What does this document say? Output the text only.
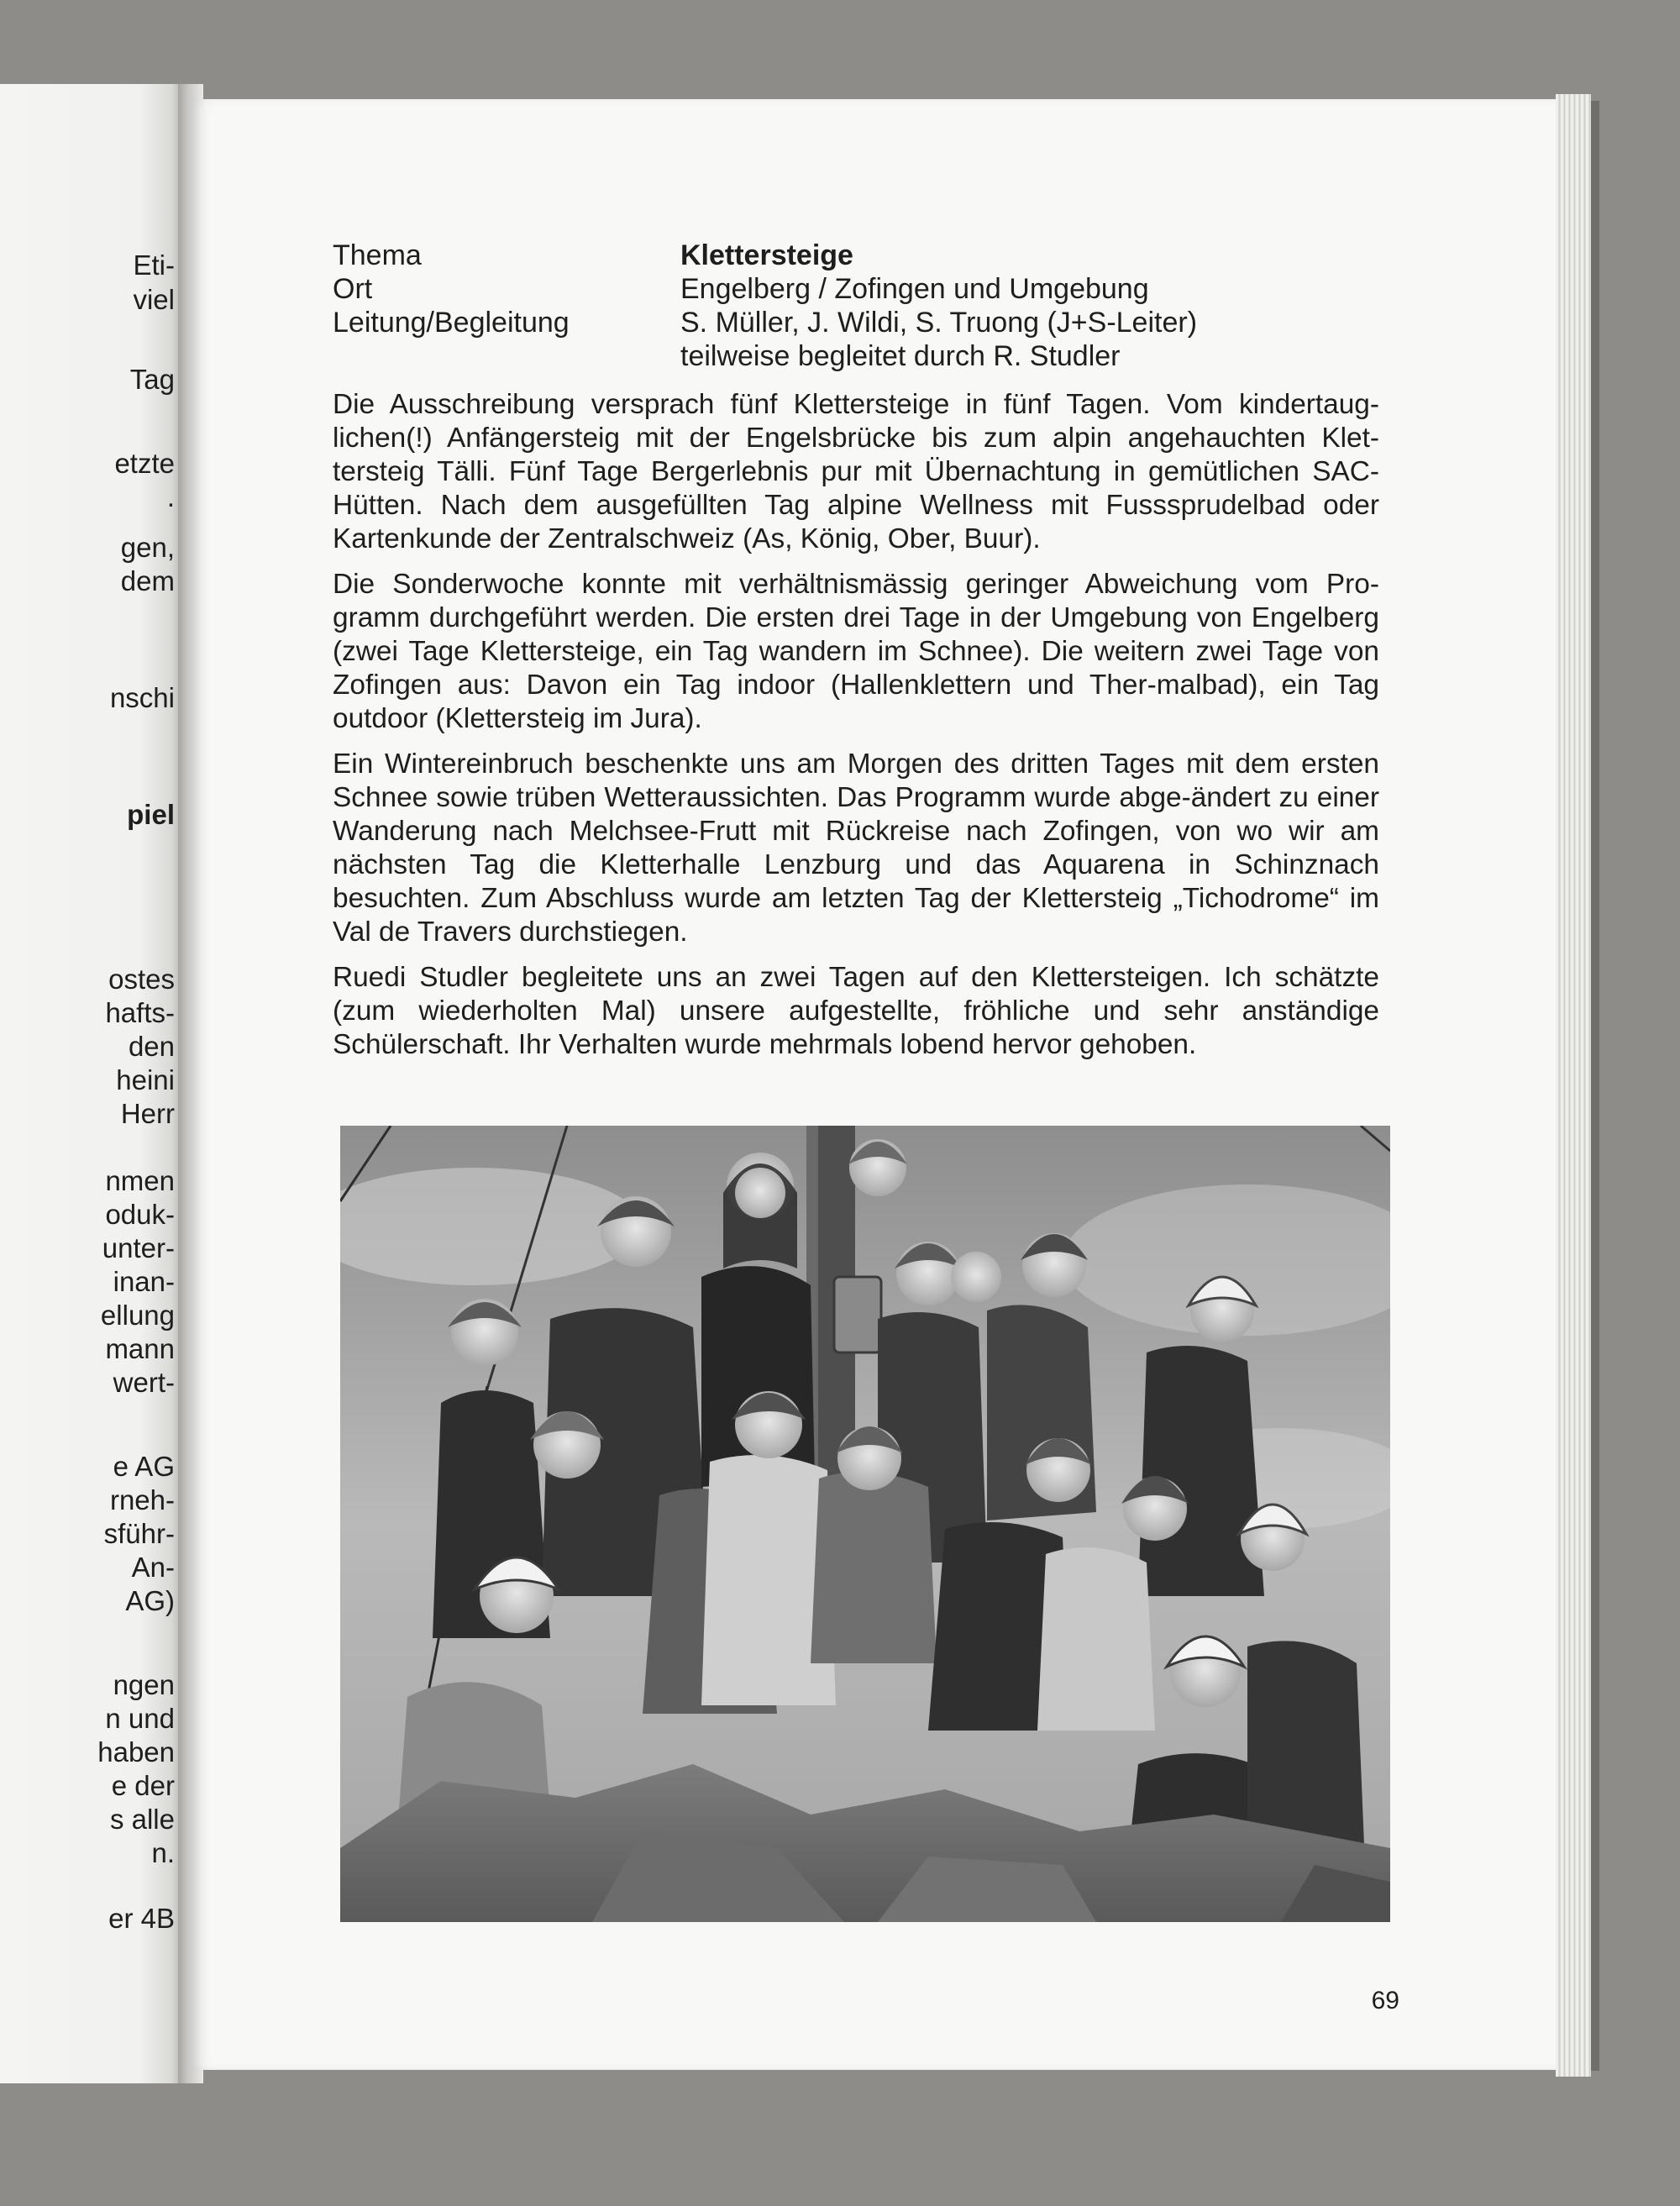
Eti-
viel
Tag
etzte
.
gen,
dem
nschi
piel
ostes
hafts-
den
heini
Herr
nmen
oduk-
unter-
inan-
ellung
mann
wert-
e AG
rneh-
sführ-
An-
AG)
ngen
n und
haben
e der
s alle
n.
er 4B
Thema
Ort
Leitung/Begleitung
Klettersteige
Engelberg / Zofingen und Umgebung
S. Müller, J. Wildi, S. Truong (J+S-Leiter)
teilweise begleitet durch R. Studler

Die Ausschreibung versprach fünf Klettersteige in fünf Tagen. Vom kindertaug-lichen(!) Anfängersteig mit der Engelsbrücke bis zum alpin angehauchten Klet-tersteig Tälli. Fünf Tage Bergerlebnis pur mit Übernachtung in gemütlichen SAC-Hütten. Nach dem ausgefüllten Tag alpine Wellness mit Fusssprudelbad oder Kartenkunde der Zentralschweiz (As, König, Ober, Buur).

Die Sonderwoche konnte mit verhältnismässig geringer Abweichung vom Pro-gramm durchgeführt werden. Die ersten drei Tage in der Umgebung von Engelberg (zwei Tage Klettersteige, ein Tag wandern im Schnee). Die weitern zwei Tage von Zofingen aus: Davon ein Tag indoor (Hallenklettern und Ther-malbad), ein Tag outdoor (Klettersteig im Jura).

Ein Wintereinbruch beschenkte uns am Morgen des dritten Tages mit dem ersten Schnee sowie trüben Wetteraussichten. Das Programm wurde abge-ändert zu einer Wanderung nach Melchsee-Frutt mit Rückreise nach Zofingen, von wo wir am nächsten Tag die Kletterhalle Lenzburg und das Aquarena in Schinznach besuchten. Zum Abschluss wurde am letzten Tag der Klettersteig „Tichodrome“ im Val de Travers durchstiegen.

Ruedi Studler begleitete uns an zwei Tagen auf den Klettersteigen. Ich schätzte (zum wiederholten Mal) unsere aufgestellte, fröhliche und sehr anständige Schülerschaft. Ihr Verhalten wurde mehrmals lobend hervor gehoben.

69
